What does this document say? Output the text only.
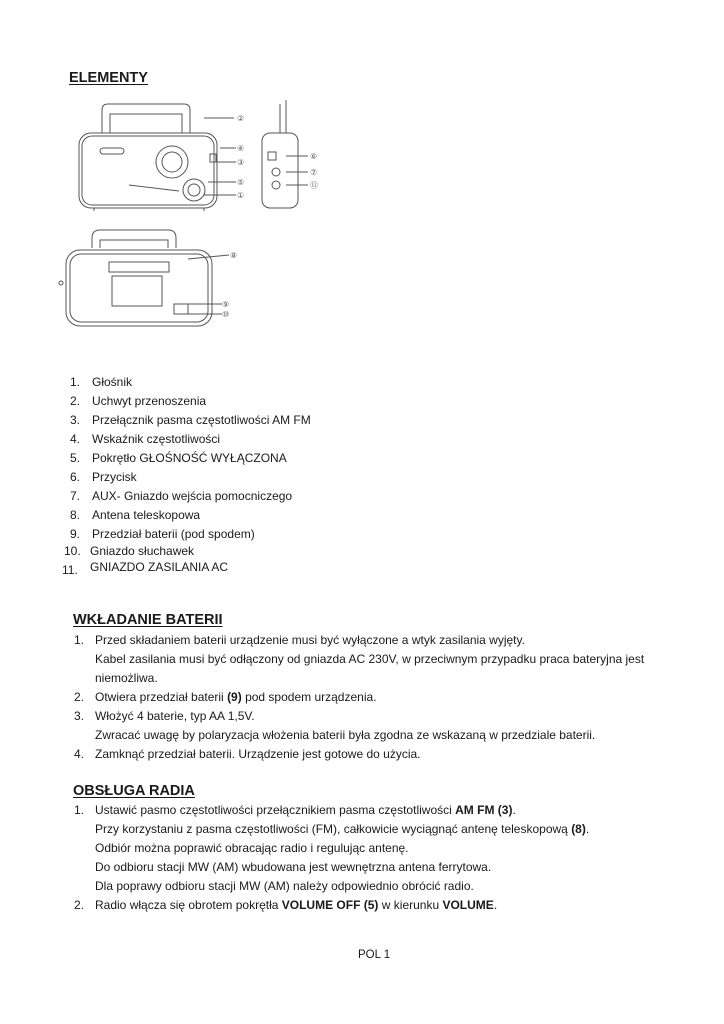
ELEMENTY
②
④
③
⑤
①
⑥
⑦
⑪
⑧
⑨
⑩
1. Głośnik
2. Uchwyt przenoszenia
3. Przełącznik pasma częstotliwości AM FM
4. Wskaźnik częstotliwości
5. Pokrętło GŁOŚNOŚĆ WYŁĄCZONA
6. Przycisk
7. AUX- Gniazdo wejścia pomocniczego
8. Antena teleskopowa
9. Przedział baterii (pod spodem)
10. Gniazdo słuchawek
11. GNIAZDO ZASILANIA AC
WKŁADANIE BATERII
1. Przed składaniem baterii urządzenie musi być wyłączone a wtyk zasilania wyjęty.
Kabel zasilania musi być odłączony od gniazda AC 230V, w przeciwnym przypadku praca bateryjna jest
niemożliwa.
2. Otwiera przedział baterii (9) pod spodem urządzenia.
3. Włożyć 4 baterie, typ AA 1,5V.
Zwracać uwagę by polaryzacja włożenia baterii była zgodna ze wskazaną w przedziale baterii.
4. Zamknąć przedział baterii. Urządzenie jest gotowe do użycia.
OBSŁUGA RADIA
1. Ustawić pasmo częstotliwości przełącznikiem pasma częstotliwości AM FM (3).
Przy korzystaniu z pasma częstotliwości (FM), całkowicie wyciągnąć antenę teleskopową (8).
Odbiór można poprawić obracając radio i regulując antenę.
Do odbioru stacji MW (AM) wbudowana jest wewnętrzna antena ferrytowa.
Dla poprawy odbioru stacji MW (AM) należy odpowiednio obrócić radio.
2. Radio włącza się obrotem pokrętła VOLUME OFF (5) w kierunku VOLUME.
POL 1
